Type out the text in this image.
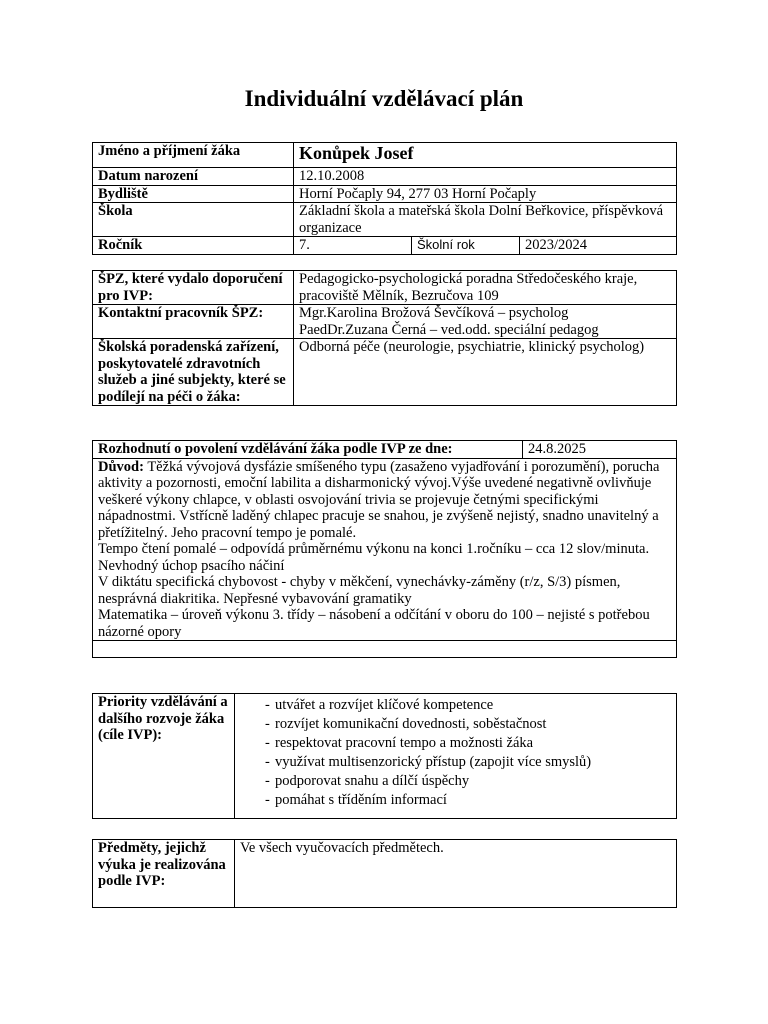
Individuální vzdělávací plán
Jméno a příjmení žáka	Konůpek Josef		
Datum narození	12.10.2008		
Bydliště	Horní Počaply 94, 277 03 Horní Počaply		
Škola	Základní škola a mateřská škola Dolní Beřkovice, příspěvková organizace		
Ročník	7.	Školní rok	2023/2024
ŠPZ, které vydalo doporučení pro IVP:	Pedagogicko-psychologická poradna Středočeského kraje, pracoviště Mělník, Bezručova 109
Kontaktní pracovník ŠPZ:	Mgr.Karolina Brožová Ševčíková – psycholog
PaedDr.Zuzana Černá – ved.odd. speciální pedagog

Školská poradenská zařízení, poskytovatelé zdravotních služeb a jiné subjekty, které se podílejí na péči o žáka:	Odborná péče (neurologie, psychiatrie, klinický psycholog)
Rozhodnutí o povolení vzdělávání žáka podle IVP ze dne:	24.8.2025

Důvod: Těžká vývojová dysfázie smíšeného typu (zasaženo vyjadřování i porozumění), porucha aktivity a pozornosti, emoční labilita a disharmonický vývoj.Výše uvedené negativně ovlivňuje veškeré výkony chlapce, v oblasti osvojování trivia se projevuje četnými specifickými nápadnostmi. Vstřícně laděný chlapec pracuje se snahou, je zvýšeně nejistý, snadno unavitelný a přetížitelný. Jeho pracovní tempo je pomalé.

Tempo čtení pomalé – odpovídá průměrnému výkonu na konci 1.ročníku – cca 12 slov/minuta.

Nevhodný úchop psacího náčiní

V diktátu specifická chybovost - chyby v měkčení, vynechávky-záměny (r/z, S/3) písmen, nesprávná diakritika. Nepřesné vybavování gramatiky

Matematika – úroveň výkonu 3. třídy – násobení a odčítání v oboru do 100 – nejisté s potřebou názorné opory

Priority vzdělávání a dalšího rozvoje žáka (cíle IVP):	
- utvářet a rozvíjet klíčové kompetence
- rozvíjet komunikační dovednosti, soběstačnost
- respektovat pracovní tempo a možnosti žáka
- využívat multisenzorický přístup (zapojit více smyslů)
- podporovat snahu a dílčí úspěchy
- pomáhat s tříděním informací
Předměty, jejichž výuka je realizována podle IVP:	Ve všech vyučovacích předmětech.
